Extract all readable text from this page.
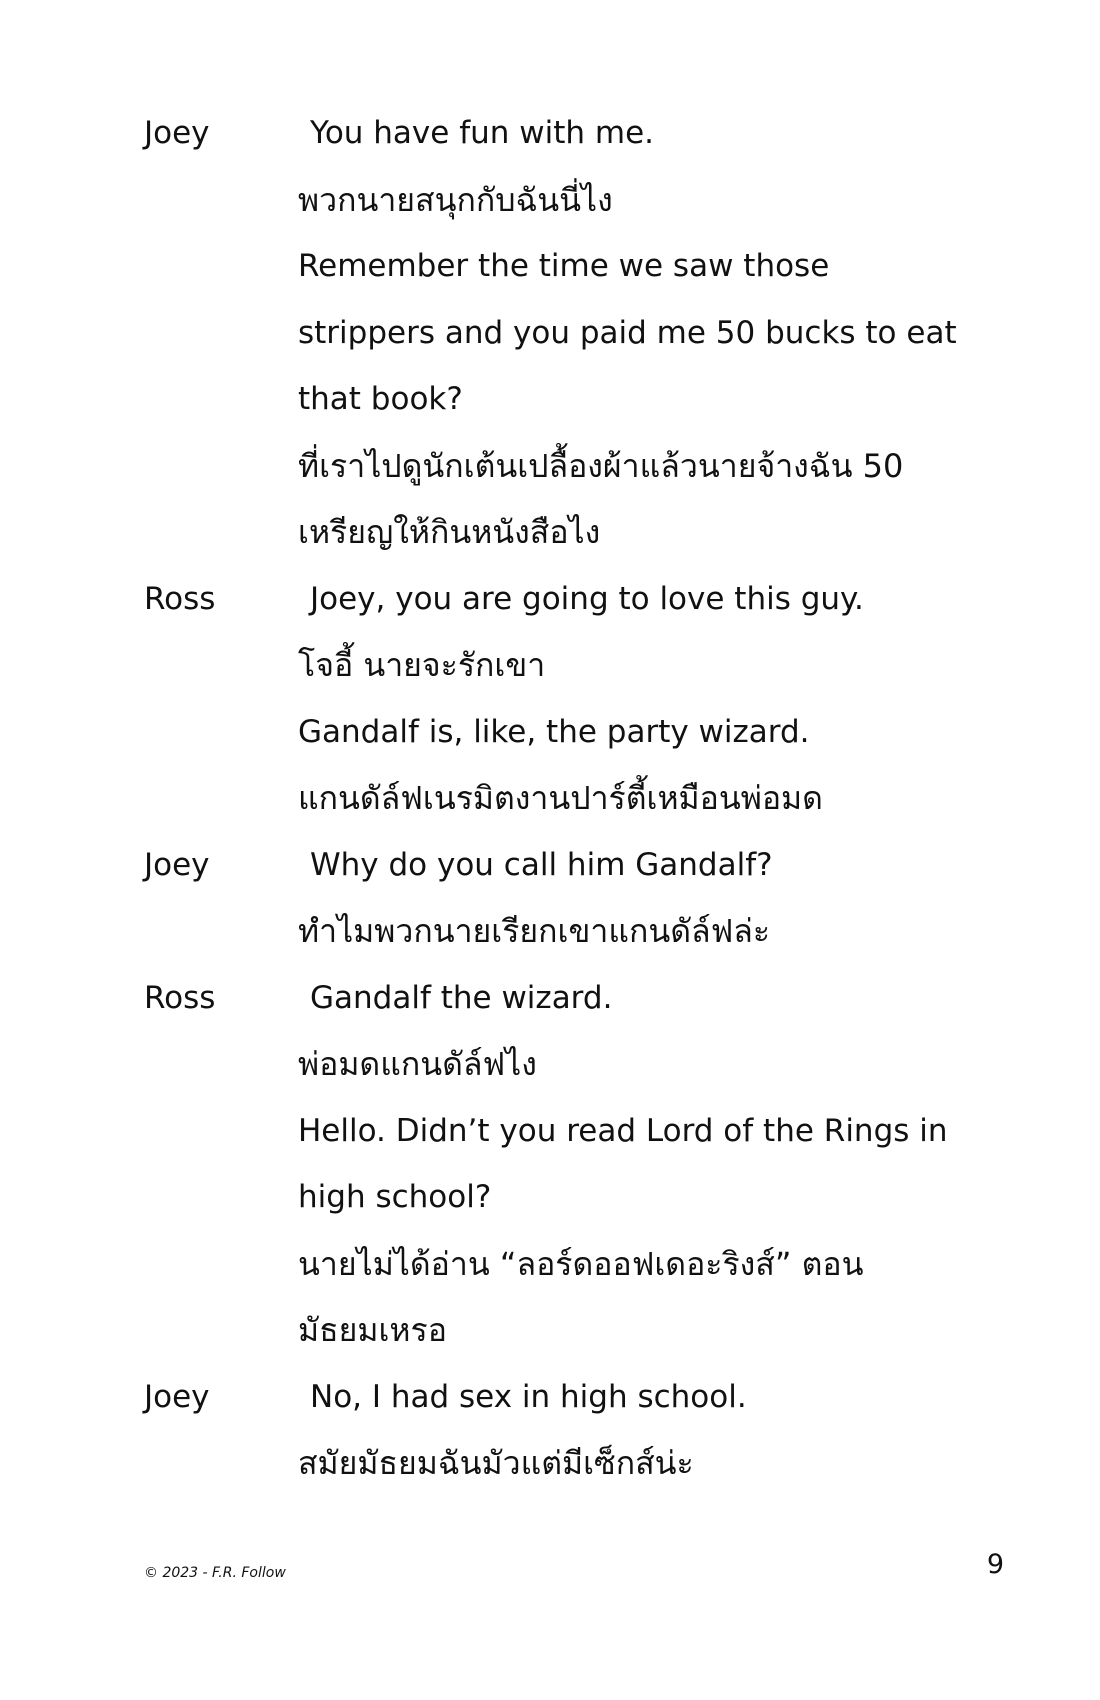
Joey	You have fun with me.
พวกนายสนุกกับฉันนี่ไง
Remember the time we saw those
strippers and you paid me 50 bucks to eat
that book?
ที่เราไปดูนักเต้นเปลื้องผ้าแล้วนายจ้างฉัน 50
เหรียญให้กินหนังสือไง
Ross	Joey, you are going to love this guy.
โจอี้ นายจะรักเขา
Gandalf is, like, the party wizard.
แกนดัล์ฟเนรมิตงานปาร์ตี้เหมือนพ่อมด
Joey	Why do you call him Gandalf?
ทำไมพวกนายเรียกเขาแกนดัล์ฟล่ะ
Ross	Gandalf the wizard.
พ่อมดแกนดัล์ฟไง
Hello. Didn’t you read Lord of the Rings in
high school?
นายไม่ได้อ่าน “ลอร์ดออฟเดอะริงส์” ตอน
มัธยมเหรอ
Joey	No, I had sex in high school.
สมัยมัธยมฉันมัวแต่มีเซ็กส์น่ะ
© 2023 - F.R. Follow	9
